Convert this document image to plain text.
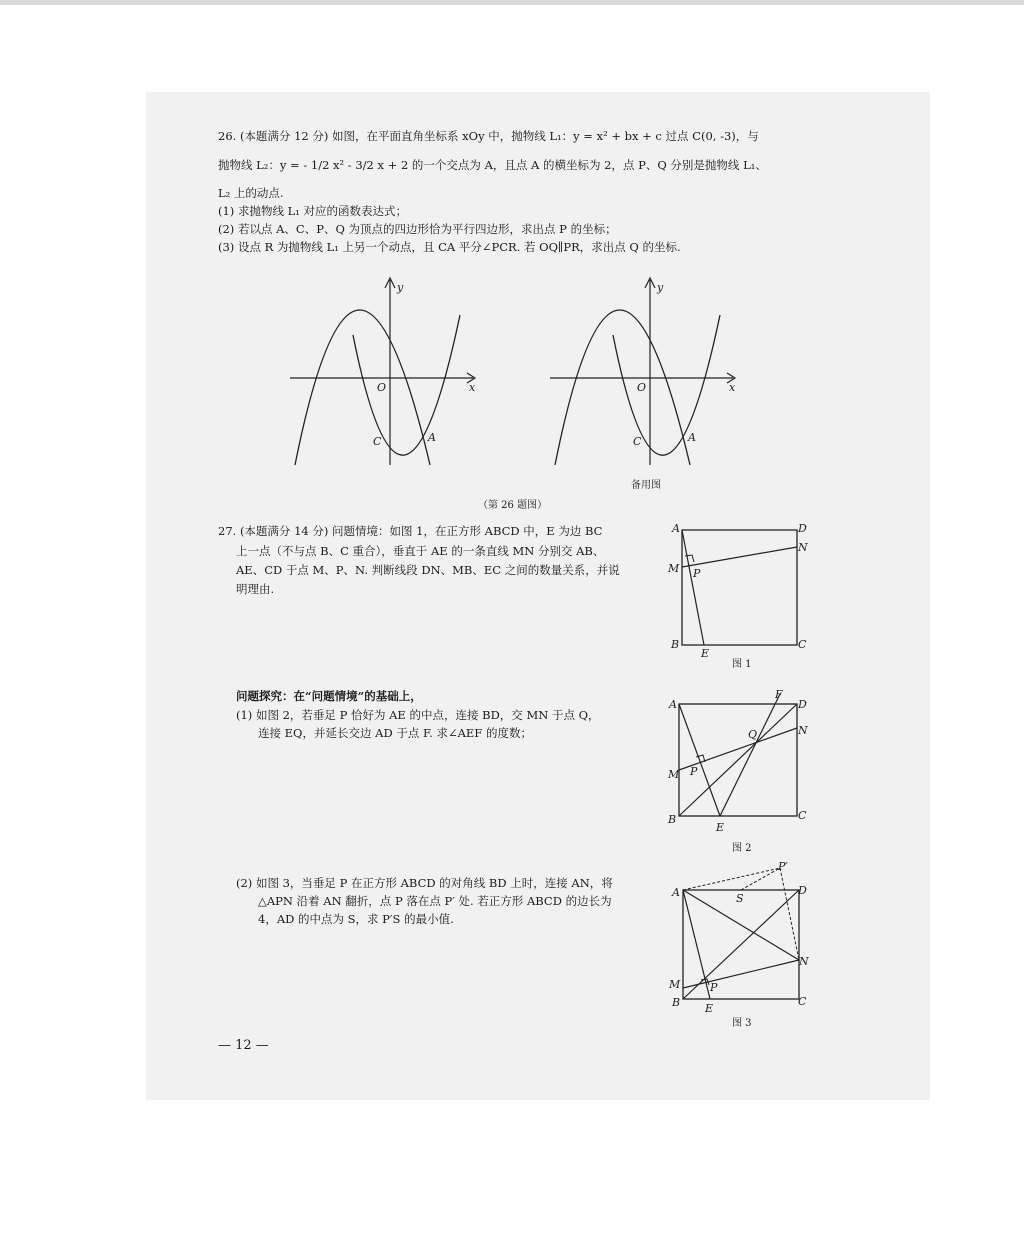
26. (本题满分 12 分) 如图，在平面直角坐标系 xOy 中，抛物线 L₁：y = x² + bx + c 过点 C(0, -3)，与
抛物线 L₂：y = - 1/2 x² - 3/2 x + 2 的一个交点为 A，且点 A 的横坐标为 2，点 P、Q 分别是抛物线 L₁、
L₂ 上的动点.
(1) 求抛物线 L₁ 对应的函数表达式；
(2) 若以点 A、C、P、Q 为顶点的四边形恰为平行四边形，求出点 P 的坐标；
(3) 设点 R 为抛物线 L₁ 上另一个动点，且 CA 平分∠PCR. 若 OQ∥PR，求出点 Q 的坐标.
y
x
O
C	A
y
x
O
C	A
备用图
（第 26 题图）
27. (本题满分 14 分) 问题情境：如图 1，在正方形 ABCD 中，E 为边 BC
上一点（不与点 B、C 重合），垂直于 AE 的一条直线 MN 分别交 AB、
AE、CD 于点 M、P、N. 判断线段 DN、MB、EC 之间的数量关系，并说
明理由.
问题探究：在“问题情境”的基础上，
(1) 如图 2，若垂足 P 恰好为 AE 的中点，连接 BD，交 MN 于点 Q，
连接 EQ，并延长交边 AD 于点 F. 求∠AEF 的度数；
(2) 如图 3，当垂足 P 在正方形 ABCD 的对角线 BD 上时，连接 AN，将
△APN 沿着 AN 翻折，点 P 落在点 P′ 处. 若正方形 ABCD 的边长为
4，AD 的中点为 S，求 P′S 的最小值.
A	D
N
M P
B	C
E
图 1
A
F
D
N
Q
M P
B	C
E
图 2
A
P′
D
S
N
M	P
B	C
E
图 3
— 12 —
